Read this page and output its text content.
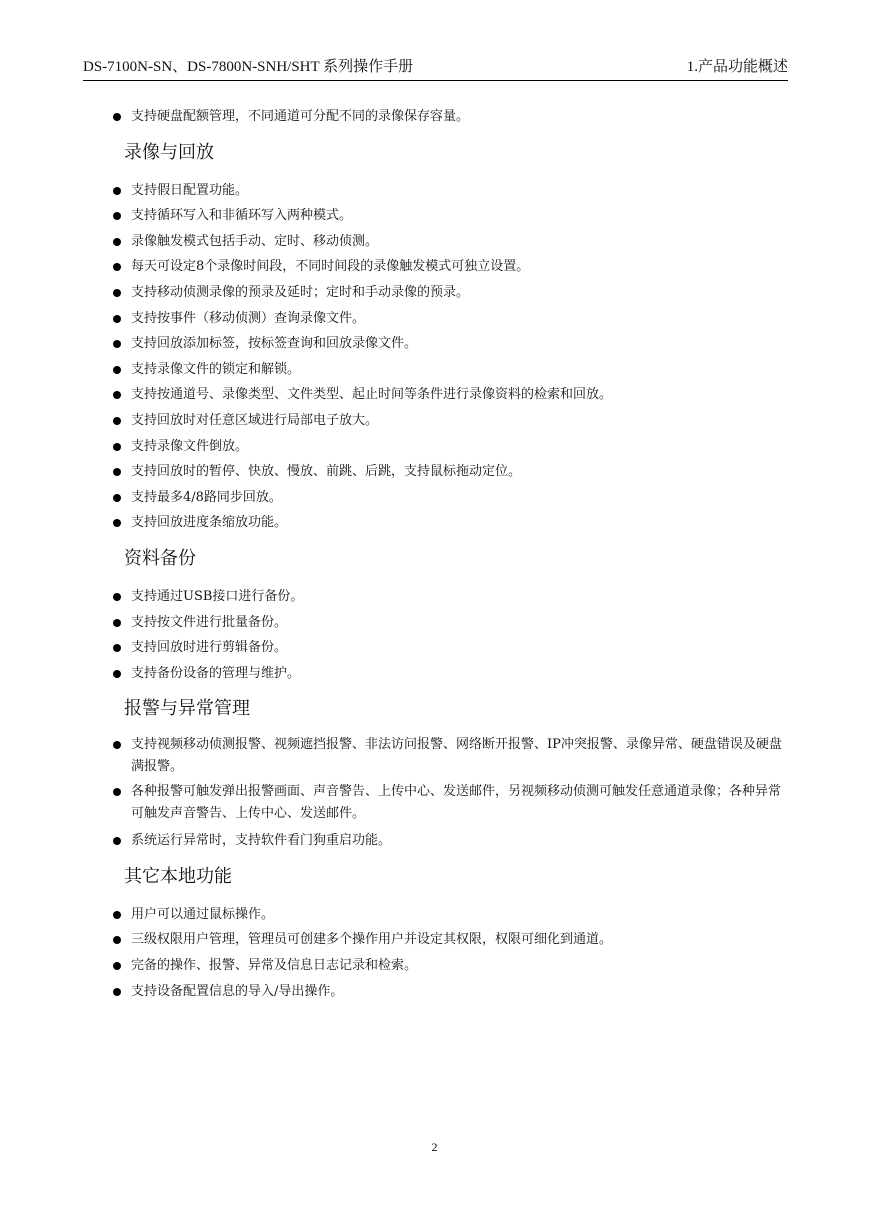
DS-7100N-SN、DS-7800N-SNH/SHT 系列操作手册	1.产品功能概述
支持硬盘配额管理，不同通道可分配不同的录像保存容量。
录像与回放
支持假日配置功能。
支持循环写入和非循环写入两种模式。
录像触发模式包括手动、定时、移动侦测。
每天可设定8个录像时间段，不同时间段的录像触发模式可独立设置。
支持移动侦测录像的预录及延时；定时和手动录像的预录。
支持按事件（移动侦测）查询录像文件。
支持回放添加标签，按标签查询和回放录像文件。
支持录像文件的锁定和解锁。
支持按通道号、录像类型、文件类型、起止时间等条件进行录像资料的检索和回放。
支持回放时对任意区域进行局部电子放大。
支持录像文件倒放。
支持回放时的暂停、快放、慢放、前跳、后跳，支持鼠标拖动定位。
支持最多4/8路同步回放。
支持回放进度条缩放功能。
资料备份
支持通过USB接口进行备份。
支持按文件进行批量备份。
支持回放时进行剪辑备份。
支持备份设备的管理与维护。
报警与异常管理
支持视频移动侦测报警、视频遮挡报警、非法访问报警、网络断开报警、IP冲突报警、录像异常、硬盘错误及硬盘满报警。
各种报警可触发弹出报警画面、声音警告、上传中心、发送邮件，另视频移动侦测可触发任意通道录像；各种异常可触发声音警告、上传中心、发送邮件。
系统运行异常时，支持软件看门狗重启功能。
其它本地功能
用户可以通过鼠标操作。
三级权限用户管理，管理员可创建多个操作用户并设定其权限，权限可细化到通道。
完备的操作、报警、异常及信息日志记录和检索。
支持设备配置信息的导入/导出操作。
2
